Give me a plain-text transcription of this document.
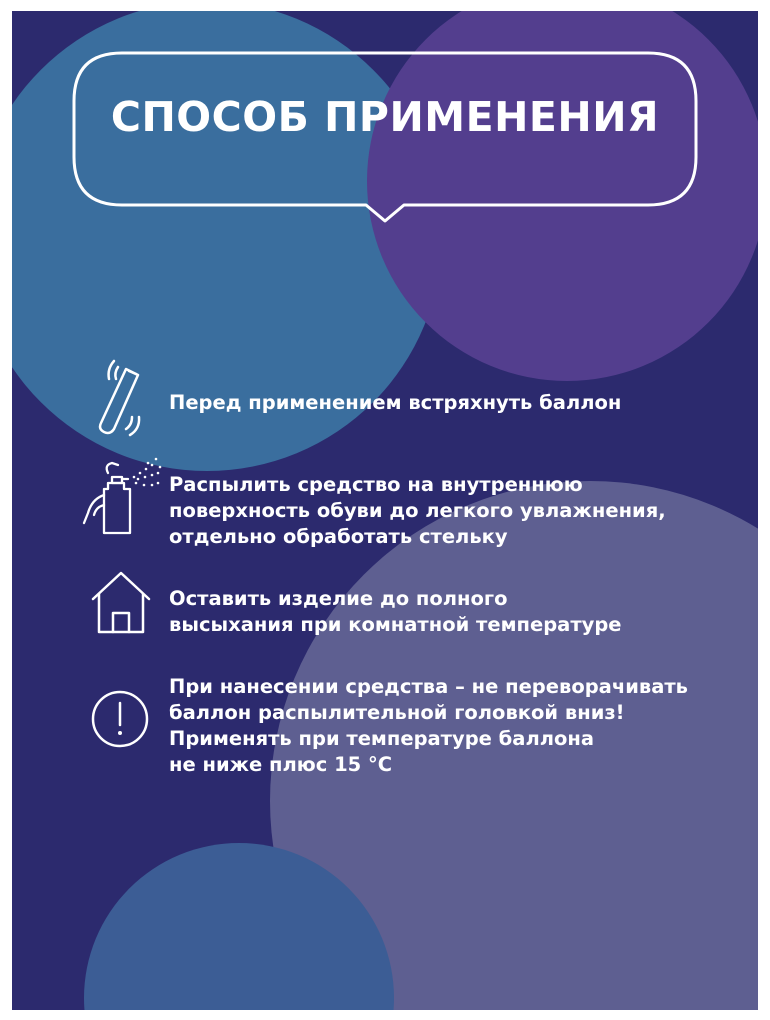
СПОСОБ ПРИМЕНЕНИЯ
Перед применением встряхнуть баллон
Распылить средство на внутреннюю
поверхность обуви до легкого увлажнения,
отдельно обработать стельку
Оставить изделие до полного
высыхания при комнатной температуре
При нанесении средства – не переворачивать
баллон распылительной головкой вниз!
Применять при температуре баллона
не ниже плюс 15 °С
